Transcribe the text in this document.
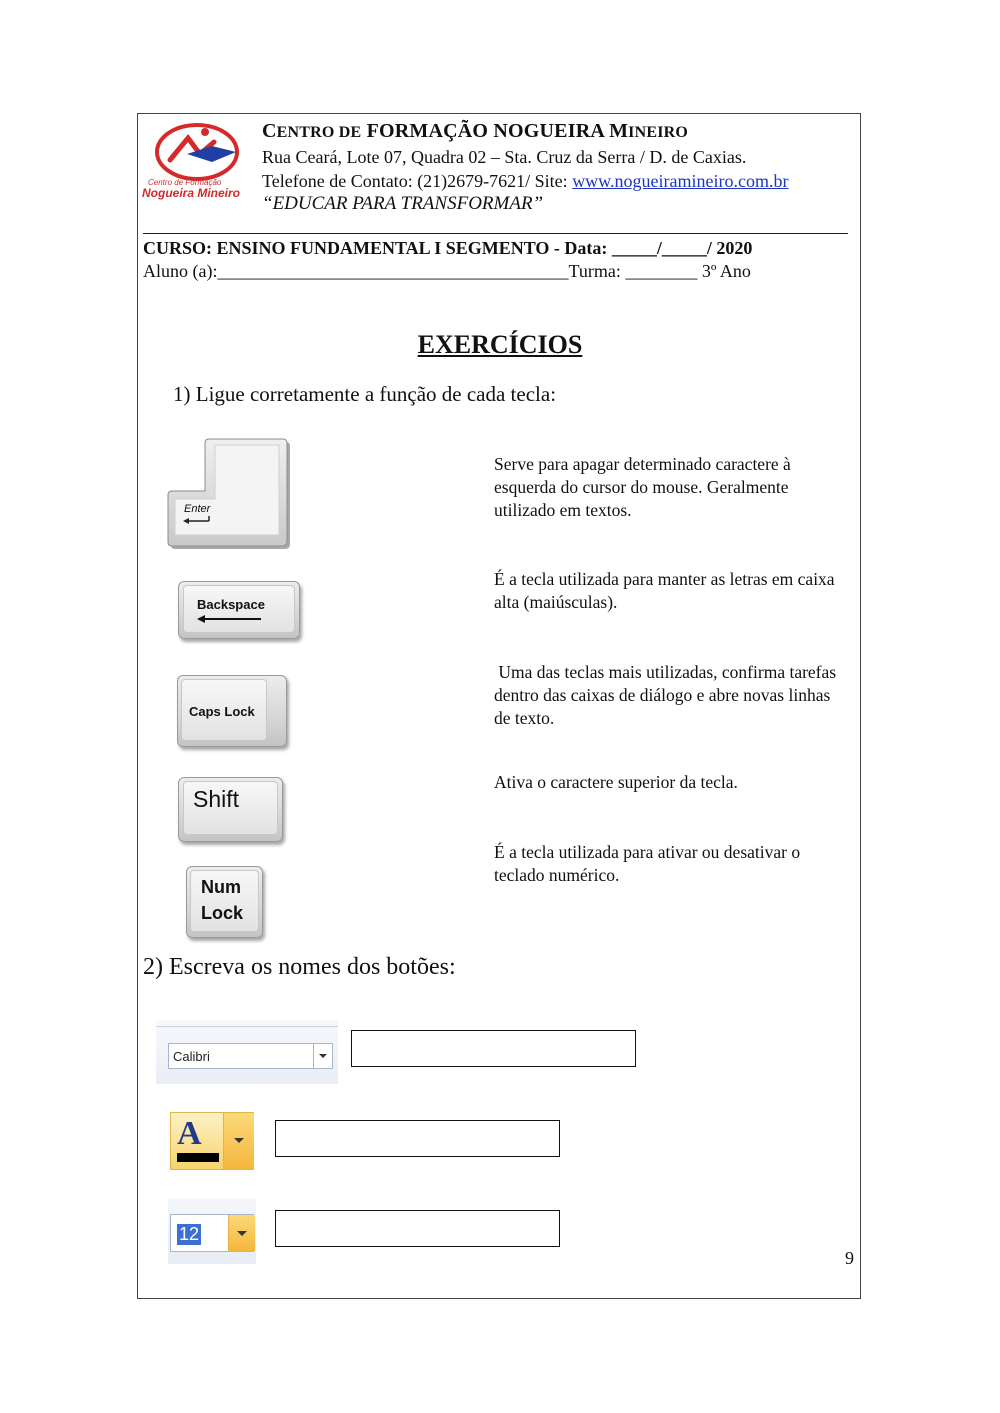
Centro de Formação
Nogueira Mineiro
CENTRO DE FORMAÇÃO NOGUEIRA MINEIRO
Rua Ceará, Lote 07, Quadra 02 – Sta. Cruz da Serra / D. de Caxias.
Telefone de Contato: (21)2679-7621/ Site: www.nogueiramineiro.com.br
“EDUCAR PARA TRANSFORMAR”
CURSO: ENSINO FUNDAMENTAL I SEGMENTO - Data: _____/_____/ 2020
Aluno (a):_______________________________________Turma: ________ 3º Ano
EXERCÍCIOS
1) Ligue corretamente a função de cada tecla:
Enter
Backspace
Caps Lock
Shift
Num
Lock
Serve para apagar determinado caractere à esquerda do cursor do mouse. Geralmente utilizado em textos.
É a tecla utilizada para manter as letras em caixa alta (maiúsculas).
Uma das teclas mais utilizadas, confirma tarefas dentro das caixas de diálogo e abre novas linhas de texto.
Ativa o caractere superior da tecla.
É a tecla utilizada para ativar ou desativar o teclado numérico.
2) Escreva os nomes dos botões:
Calibri
A
12
9
